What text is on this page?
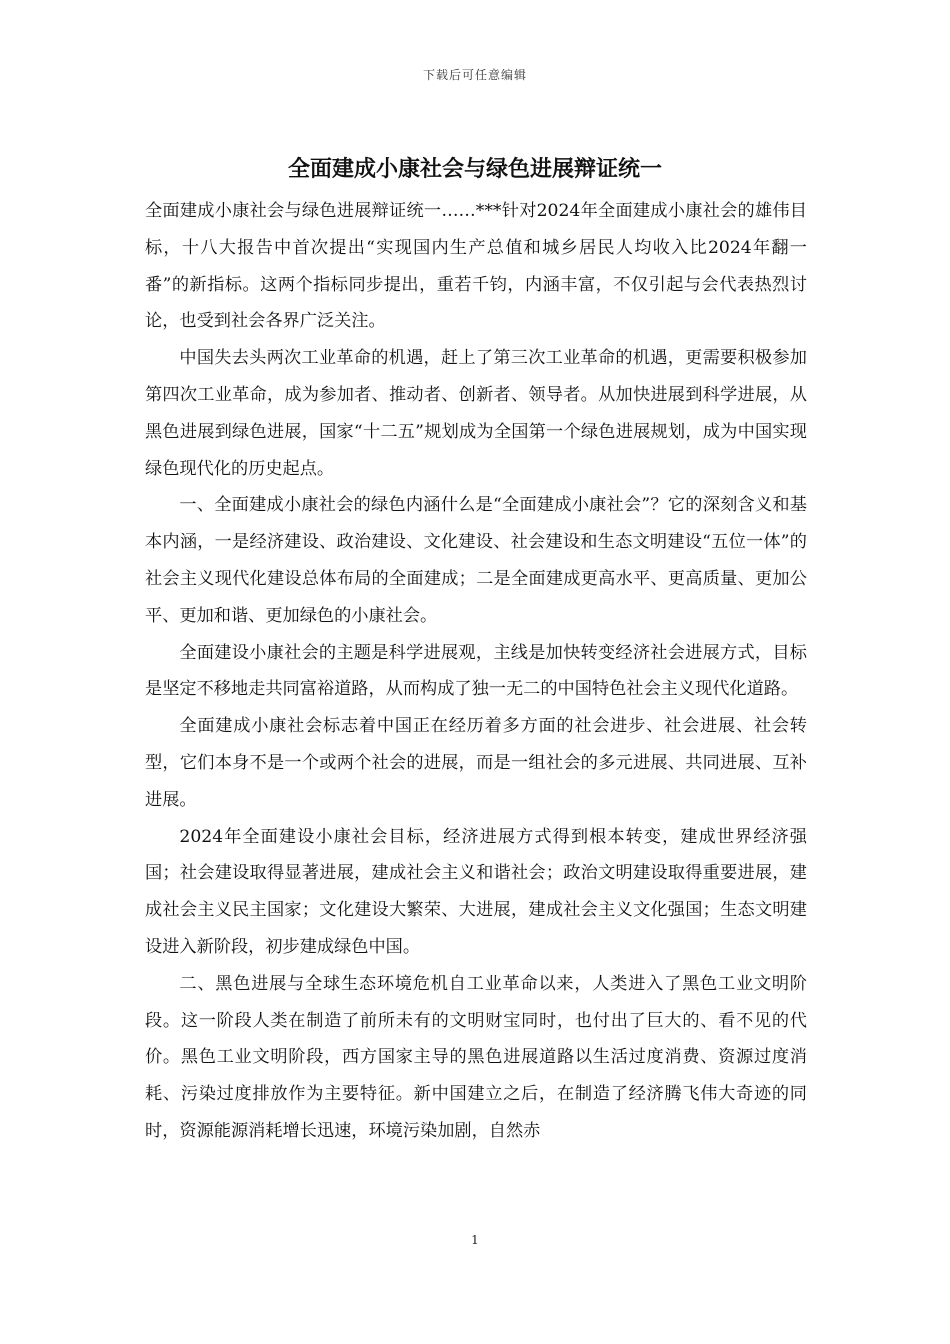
下载后可任意编辑
全面建成小康社会与绿色进展辩证统一

全面建成小康社会与绿色进展辩证统一……***针对2024年全面建成小康社会的雄伟目标，十八大报告中首次提出“实现国内生产总值和城乡居民人均收入比2024年翻一番”的新指标。这两个指标同步提出，重若千钧，内涵丰富，不仅引起与会代表热烈讨论，也受到社会各界广泛关注。

中国失去头两次工业革命的机遇，赶上了第三次工业革命的机遇，更需要积极参加第四次工业革命，成为参加者、推动者、创新者、领导者。从加快进展到科学进展，从黑色进展到绿色进展，国家“十二五”规划成为全国第一个绿色进展规划，成为中国实现绿色现代化的历史起点。

一、全面建成小康社会的绿色内涵什么是“全面建成小康社会”？它的深刻含义和基本内涵，一是经济建设、政治建设、文化建设、社会建设和生态文明建设“五位一体”的社会主义现代化建设总体布局的全面建成；二是全面建成更高水平、更高质量、更加公平、更加和谐、更加绿色的小康社会。

全面建设小康社会的主题是科学进展观，主线是加快转变经济社会进展方式，目标是坚定不移地走共同富裕道路，从而构成了独一无二的中国特色社会主义现代化道路。

全面建成小康社会标志着中国正在经历着多方面的社会进步、社会进展、社会转型，它们本身不是一个或两个社会的进展，而是一组社会的多元进展、共同进展、互补进展。

2024年全面建设小康社会目标，经济进展方式得到根本转变，建成世界经济强国；社会建设取得显著进展，建成社会主义和谐社会；政治文明建设取得重要进展，建成社会主义民主国家；文化建设大繁荣、大进展，建成社会主义文化强国；生态文明建设进入新阶段，初步建成绿色中国。

二、黑色进展与全球生态环境危机自工业革命以来，人类进入了黑色工业文明阶段。这一阶段人类在制造了前所未有的文明财宝同时，也付出了巨大的、看不见的代价。黑色工业文明阶段，西方国家主导的黑色进展道路以生活过度消费、资源过度消耗、污染过度排放作为主要特征。新中国建立之后，在制造了经济腾飞伟大奇迹的同时，资源能源消耗增长迅速，环境污染加剧，自然赤

1
